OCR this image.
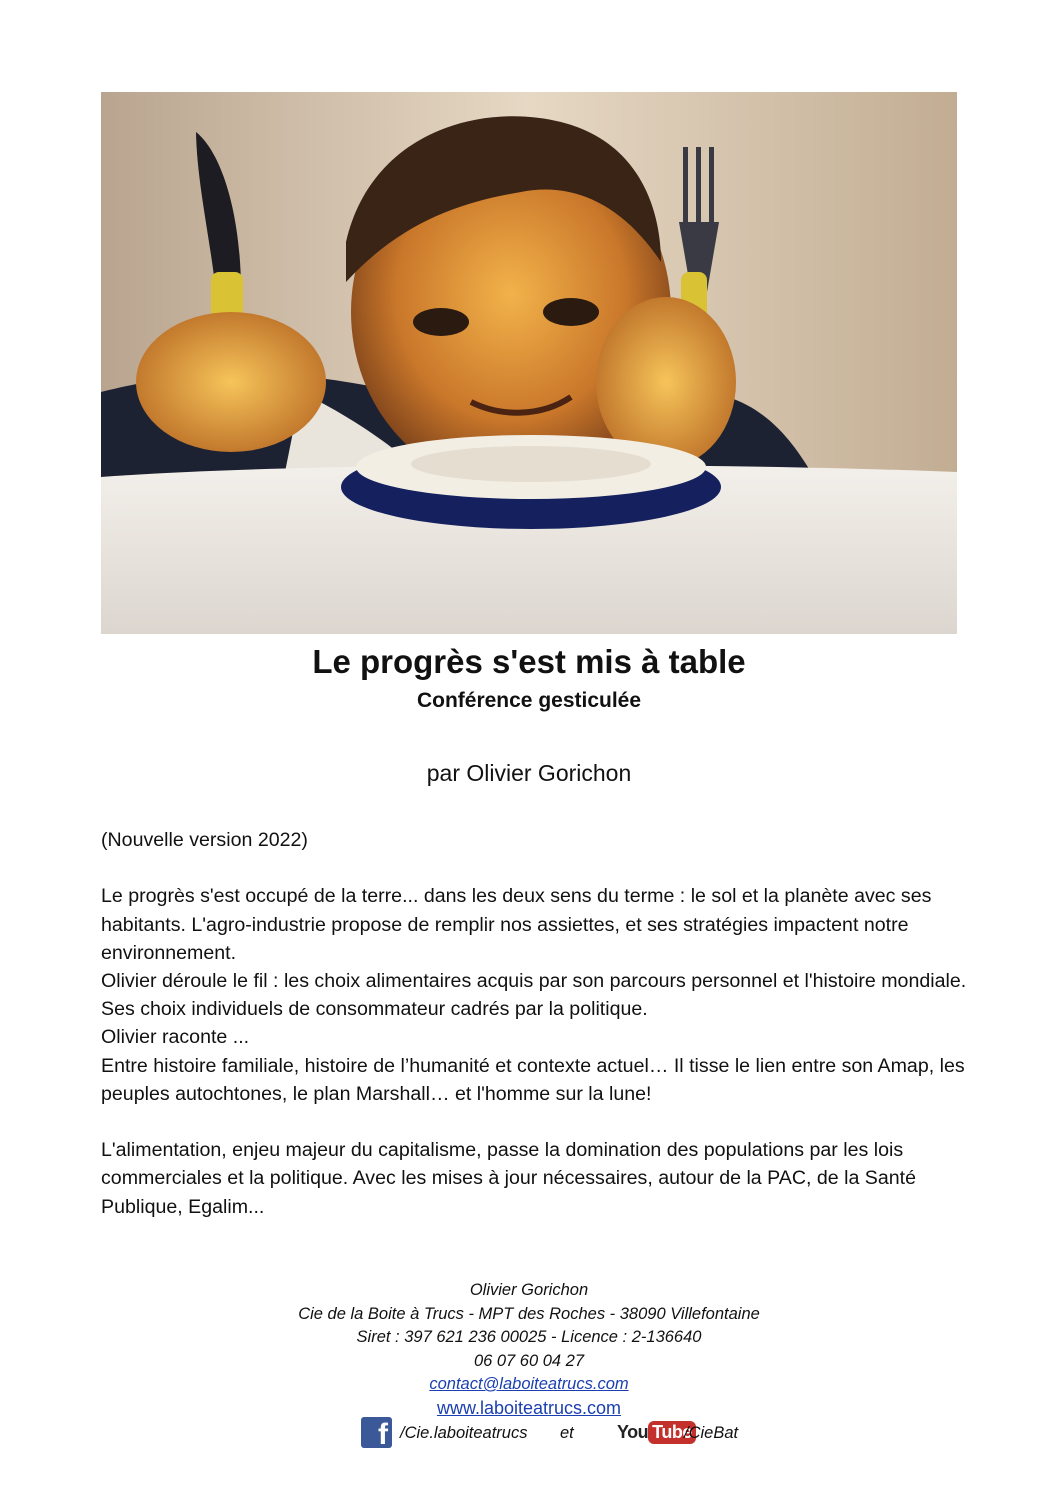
Le progrès s'est mis à table
Conférence gesticulée
par Olivier Gorichon

(Nouvelle version 2022)

Le progrès s'est occupé de la terre... dans les deux sens du terme : le sol et la planète avec ses habitants. L'agro-industrie propose de remplir nos assiettes, et ses stratégies impactent notre environnement.

Olivier déroule le fil : les choix alimentaires acquis par son parcours personnel et l'histoire mondiale. Ses choix individuels de consommateur cadrés par la politique.

Olivier raconte ...

Entre histoire familiale, histoire de l’humanité et contexte actuel… Il tisse le lien entre son Amap, les peuples autochtones, le plan Marshall… et l'homme sur la lune!

L'alimentation, enjeu majeur du capitalisme, passe la domination des populations par les lois commerciales et la politique. Avec les mises à jour nécessaires, autour de la PAC, de la Santé Publique, Egalim...

Olivier Gorichon
Cie de la Boite à Trucs - MPT des Roches - 38090 Villefontaine
Siret : 397 621 236 00025 - Licence : 2-136640
06 07 60 04 27
contact@laboiteatrucs.com
www.laboiteatrucs.com
f /Cie.laboiteatrucs et You Tube
/CieBat
